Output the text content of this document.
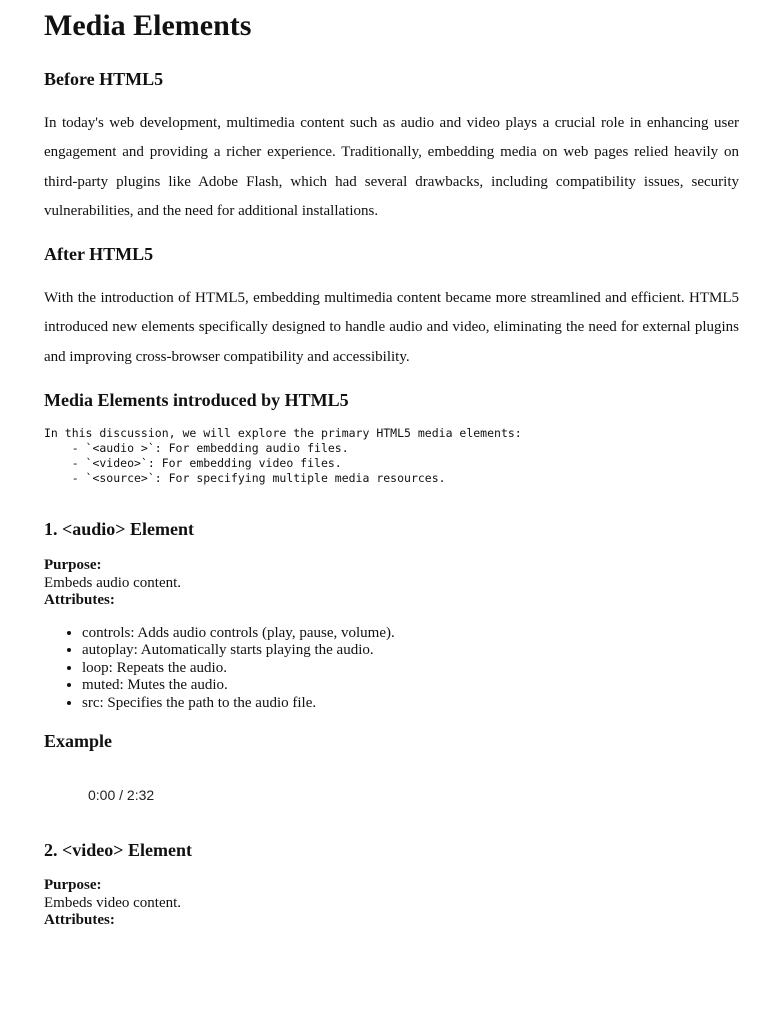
Media Elements
Before HTML5

In today's web development, multimedia content such as audio and video plays a crucial role in enhancing user engagement and providing a richer experience. Traditionally, embedding media on web pages relied heavily on third-party plugins like Adobe Flash, which had several drawbacks, including compatibility issues, security vulnerabilities, and the need for additional installations.

After HTML5

With the introduction of HTML5, embedding multimedia content became more streamlined and efficient. HTML5 introduced new elements specifically designed to handle audio and video, eliminating the need for external plugins and improving cross-browser compatibility and accessibility.

Media Elements introduced by HTML5
In this discussion, we will explore the primary HTML5 media elements:
- `<audio >`: For embedding audio files.
- `<video>`: For embedding video files.
- `<source>`: For specifying multiple media resources.
1. <audio> Element
Purpose:
Embeds audio content.
Attributes:
• controls: Adds audio controls (play, pause, volume).
• autoplay: Automatically starts playing the audio.
• loop: Repeats the audio.
• muted: Mutes the audio.
• src: Specifies the path to the audio file.
Example
0:00 / 2:32
2. <video> Element
Purpose:
Embeds video content.
Attributes:
